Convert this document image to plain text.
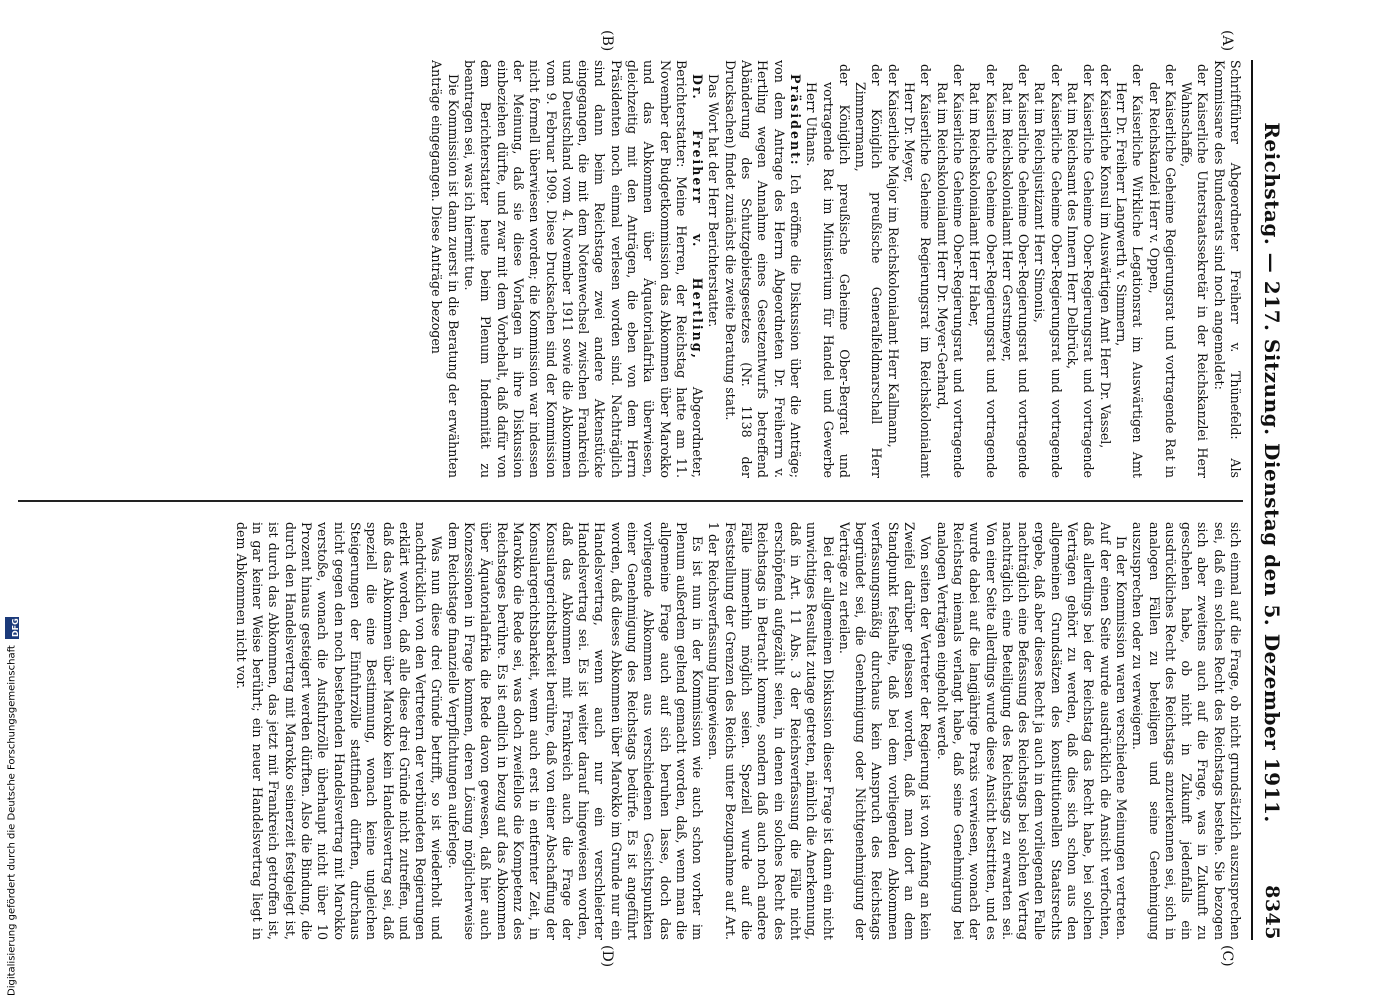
Reichstag. — 217. Sitzung. Dienstag den 5. Dezember 1911.
8345
(A)
(B)
(C)
(D)

Schriftführer Abgeordneter Freiherr v. Thünefeld: Als Kommissare des Bundesrats sind noch angemeldet:

der Kaiserliche Unterstaatssekretär in der Reichskanzlei Herr Wahnschaffe,

der Kaiserliche Geheime Regierungsrat und vortragende Rat in der Reichskanzlei Herr v. Oppen,

der Kaiserliche Wirkliche Legationsrat im Auswärtigen Amt Herr Dr. Freiherr Langwerth v. Simmern,

der Kaiserliche Konsul im Auswärtigen Amt Herr Dr. Vassel,

der Kaiserliche Geheime Ober-Regierungsrat und vortragende Rat im Reichsamt des Innern Herr Delbrück,

der Kaiserliche Geheime Ober-Regierungsrat und vortragende Rat im Reichsjustizamt Herr Simonis,

der Kaiserliche Geheime Ober-Regierungsrat und vortragende Rat im Reichskolonialamt Herr Gerstmeyer,

der Kaiserliche Geheime Ober-Regierungsrat und vortragende Rat im Reichskolonialamt Herr Haber,

der Kaiserliche Geheime Ober-Regierungsrat und vortragende Rat im Reichskolonialamt Herr Dr. Meyer-Gerhard,

der Kaiserliche Geheime Regierungsrat im Reichskolonialamt Herr Dr. Meyer,

der Kaiserliche Major im Reichskolonialamt Herr Kallmann,

der Königlich preußische Generalfeldmarschall Herr Zimmermann,

der Königlich preußische Geheime Ober-Bergrat und vortragende Rat im Ministerium für Handel und Gewerbe Herr Uthans.

Präsident: Ich eröffne die Diskussion über die Anträge; von dem Antrage des Herrn Abgeordneten Dr. Freiherrn v. Hertling wegen Annahme eines Gesetzentwurfs betreffend Abänderung des Schutzgebietsgesetzes (Nr. 1138 der Drucksachen) findet zunächst die zweite Beratung statt.

Das Wort hat der Herr Berichterstatter.

Dr. Freiherr v. Hertling, Abgeordneter, Berichterstatter: Meine Herren, der Reichstag hatte am 11. November der Budgetkommission das Abkommen über Marokko und das Abkommen über Äquatorialafrika überwiesen, gleichzeitig mit den Anträgen, die eben von dem Herrn Präsidenten noch einmal verlesen worden sind. Nachträglich sind dann beim Reichstage zwei andere Aktenstücke eingegangen, die mit dem Notenwechsel zwischen Frankreich und Deutschland vom 4. November 1911 sowie die Abkommen vom 9. Februar 1909. Diese Drucksachen sind der Kommission nicht formell überwiesen worden; die Kommission war indessen der Meinung, daß sie diese Vorlagen in ihre Diskussion einbeziehen dürfte, und zwar mit dem Vorbehalt, daß dafür von dem Berichterstatter heute beim Plenum Indemnität zu beantragen sei, was ich hiermit tue.

Die Kommission ist dann zuerst in die Beratung der erwähnten Anträge eingegangen. Diese Anträge bezogen

sich einmal auf die Frage, ob nicht grundsätzlich auszusprechen sei, daß ein solches Recht des Reichstags bestehe. Sie bezogen sich aber zweitens auch auf die Frage, was in Zukunft zu geschehen habe, ob nicht in Zukunft jedenfalls ein ausdrückliches Recht des Reichstags anzuerkennen sei, sich in analogen Fällen zu beteiligen und seine Genehmigung auszusprechen oder zu verweigern.

In der Kommission waren verschiedene Meinungen vertreten. Auf der einen Seite wurde ausdrücklich die Ansicht verfochten, daß allerdings bei der Reichstag das Recht habe, bei solchen Verträgen gehört zu werden, daß dies sich schon aus den allgemeinen Grundsätzen des konstitutionellen Staatsrechts ergebe, daß aber dieses Recht ja auch in dem vorliegenden Falle nachträglich eine Befassung des Reichstags bei solchen Vertrag nachträglich eine Beteiligung des Reichstags zu erwarten sei. Von einer Seite allerdings wurde diese Ansicht bestritten, und es wurde dabei auf die langjährige Praxis verwiesen, wonach der Reichstag niemals verlangt habe, daß seine Genehmigung bei analogen Verträgen eingeholt werde.

Von seiten der Vertreter der Regierung ist von Anfang an kein Zweifel darüber gelassen worden, daß man dort an dem Standpunkt festhalte, daß bei dem vorliegenden Abkommen verfassungsmäßig durchaus kein Anspruch des Reichstags begründet sei, die Genehmigung oder Nichtgenehmigung der Verträge zu erteilen.

Bei der allgemeinen Diskussion dieser Frage ist dann ein nicht unwichtiges Resultat zutage getreten, nämlich die Anerkennung, daß in Art. 11 Abs. 3 der Reichsverfassung die Fälle nicht erschöpfend aufgezählt seien, in denen ein solches Recht des Reichstags in Betracht komme, sondern daß auch noch andere Fälle immerhin möglich seien. Speziell wurde auf die Feststellung der Grenzen des Reichs unter Bezugnahme auf Art. 1 der Reichsverfassung hingewiesen.

Es ist nun in der Kommission wie auch schon vorher im Plenum außerdem geltend gemacht worden, daß, wenn man die allgemeine Frage auch auf sich beruhen lasse, doch das vorliegende Abkommen aus verschiedenen Gesichtspunkten einer Genehmigung des Reichstags bedürfe. Es ist angeführt worden, daß dieses Abkommen über Marokko im Grunde nur ein Handelsvertrag, wenn auch nur ein verschleierter Handelsvertrag sei. Es ist weiter darauf hingewiesen worden, daß das Abkommen mit Frankreich auch die Frage der Konsulargerichtsbarkeit berühre, daß von einer Abschaffung der Konsulargerichtsbarkeit, wenn auch erst in entfernter Zeit, in Marokko die Rede sei, was doch zweifellos die Kompetenz des Reichstages berühre. Es ist endlich in bezug auf das Abkommen über Äquatorialafrika die Rede davon gewesen, daß hier auch Konzessionen in Frage kommen, deren Lösung möglicherweise dem Reichstage finanzielle Verpflichtungen auferlege.

Was nun diese drei Gründe betrifft, so ist wiederholt und nachdrücklich von den Vertretern der verbündeten Regierungen erklärt worden, daß alle diese drei Gründe nicht zutreffen, und daß das Abkommen über Marokko kein Handelsvertrag sei, daß speziell die eine Bestimmung, wonach keine ungleichen Steigerungen der Einfuhrzölle stattfinden dürften, durchaus nicht gegen den noch bestehenden Handelsvertrag mit Marokko verstoße, wonach die Ausfuhrzölle überhaupt nicht über 10 Prozent hinaus gesteigert werden dürften. Also die Bindung, die durch den Handelsvertrag mit Marokko seinerzeit festgelegt ist, ist durch das Abkommen, das jetzt mit Frankreich getroffen ist, in gar keiner Weise berührt; ein neuer Handelsvertrag liegt in dem Abkommen nicht vor.

Digitalisierung gefördert durch die Deutsche Forschungsgemeinschaft
DFG
